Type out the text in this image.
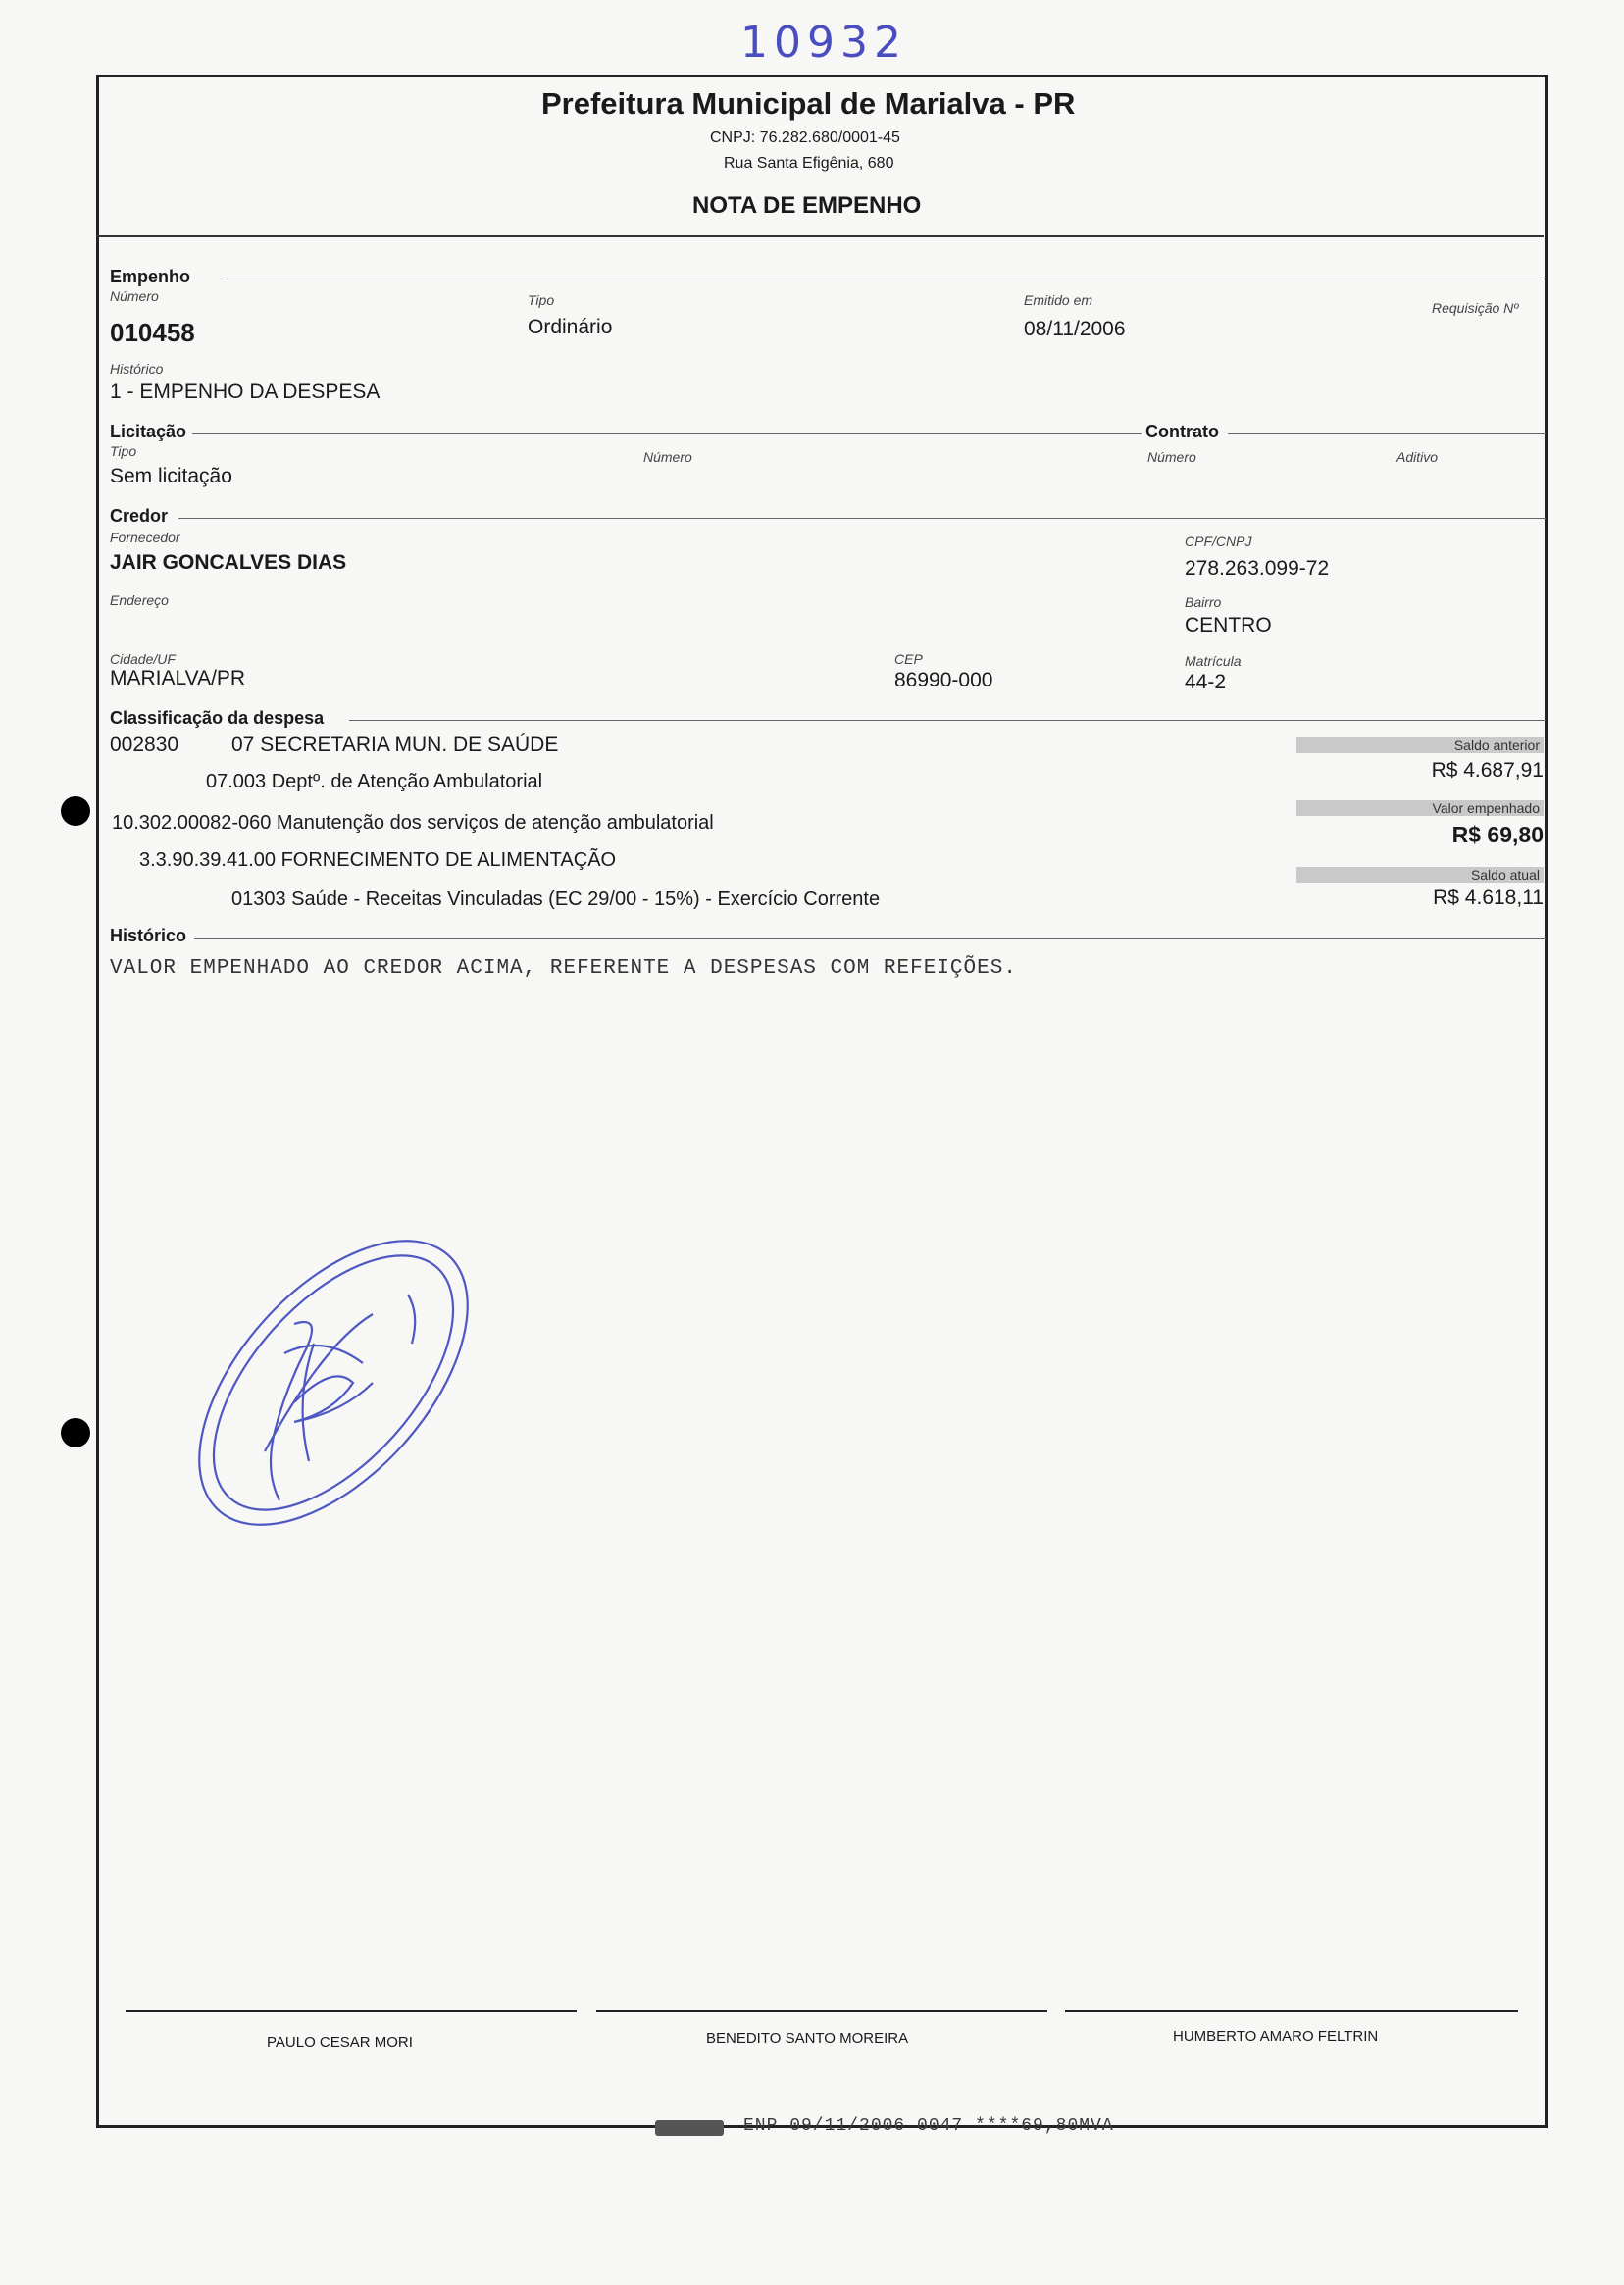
10932
Prefeitura Municipal de Marialva - PR
CNPJ: 76.282.680/0001-45
Rua Santa Efigênia, 680
NOTA DE EMPENHO
Empenho
Número
010458
Tipo
Ordinário
Emitido em
08/11/2006
Requisição Nº
Histórico
1 - EMPENHO DA DESPESA
Licitação	Contrato
Tipo
Sem licitação
Número	Número	Aditivo
Credor
Fornecedor
JAIR GONCALVES DIAS
CPF/CNPJ
278.263.099-72
Endereço	Bairro
CENTRO
Cidade/UF
MARIALVA/PR
CEP
86990-000
Matrícula
44-2
Classificação da despesa
002830	07 SECRETARIA MUN. DE SAÚDE
07.003 Deptº. de Atenção Ambulatorial
10.302.00082-060 Manutenção dos serviços de atenção ambulatorial
3.3.90.39.41.00 FORNECIMENTO DE ALIMENTAÇÃO
01303 Saúde - Receitas Vinculadas (EC 29/00 - 15%) - Exercício Corrente
Saldo anterior
R$ 4.687,91
Valor empenhado
R$ 69,80
Saldo atual
R$ 4.618,11
Histórico
VALOR EMPENHADO AO CREDOR ACIMA, REFERENTE A DESPESAS COM REFEIÇÕES.
PAULO CESAR MORI	BENEDITO SANTO MOREIRA	HUMBERTO AMARO FELTRIN
ENP 09/11/2006 0047 ****69,80MVA
